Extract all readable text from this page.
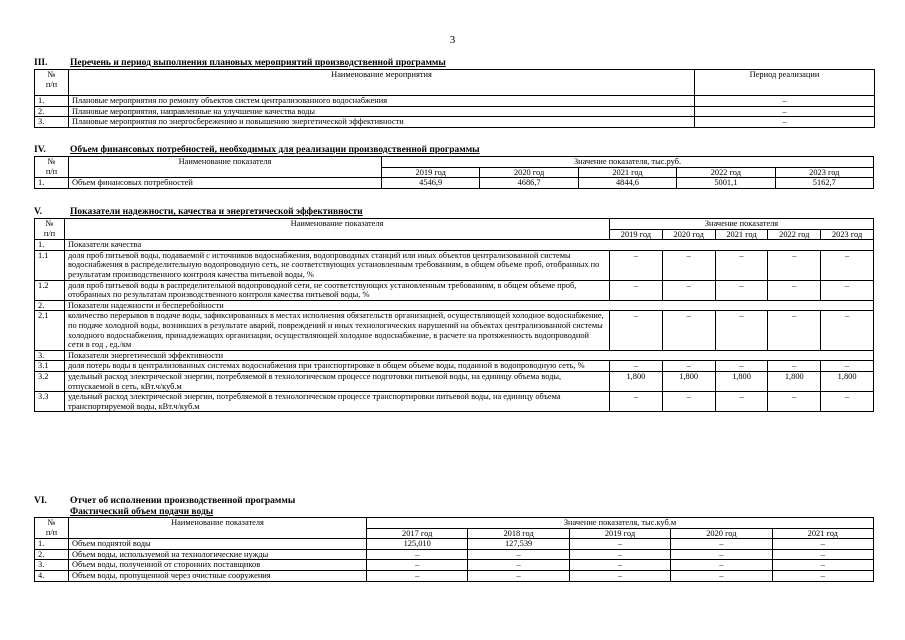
3
III.	Перечень и период выполнения плановых мероприятий производственной программы
№
п/п	Наименование мероприятия	Период реализации
1.	Плановые мероприятия по ремонту объектов систем централизованного водоснабжения	–
2.	Плановые мероприятия, направленные на улучшение качества воды	–
3.	Плановые мероприятия по энергосбережению и повышению энергетической эффективности	–
IV.	Объем финансовых потребностей, необходимых для реализации производственной программы
№
п/п	Наименование показателя	Значение показателя, тыс.руб.				
		2019 год	2020 год	2021 год	2022 год	2023 год
1.	Объем финансовых потребностей	4546,9	4686,7	4844,6	5001,1	5162,7
V.	Показатели надежности, качества и энергетической эффективности
№
п/п	Наименование показателя	Значение показателя				
		2019 год	2020 год	2021 год	2022 год	2023 год
1.	Показатели качества					
1.1	доля проб питьевой воды, подаваемой с источников водоснабжения, водопроводных станций или иных объектов централизованной системы водоснабжения в распределительную водопроводную сеть, не соответствующих установленным требованиям, в общем объеме проб, отобранных по результатам производственного контроля качества питьевой воды, %	–	–	–	–	–
1.2	доля проб питьевой воды в распределительной водопроводной сети, не соответствующих установленным требованиям, в общем объеме проб, отобранных по результатам производственного контроля качества питьевой воды, %	–	–	–	–	–
2.	Показатели надежности и бесперебойности					
2.1	количество перерывов в подаче воды, зафиксированных в местах исполнения обязательств организацией, осуществляющей холодное водоснабжение, по подаче холодной воды, возникших в результате аварий, повреждений и иных технологических нарушений на объектах централизованной системы холодного водоснабжения, принадлежащих организации, осуществляющей холодное водоснабжение, в расчете на протяженность водопроводной сети в год , ед./км	–	–	–	–	–
3.	Показатели энергетической эффективности					
3.1	доля потерь воды в централизованных системах водоснабжения при транспортировке в общем объеме воды, поданной в водопроводную сеть, %	–	–	–	–	–
3.2	удельный расход электрической энергии, потребляемой в технологическом процессе подготовки питьевой воды, на единицу объема воды, отпускаемой в сеть, кВт.ч/куб.м	1,800	1,800	1,800	1,800	1,800
3.3	удельный расход электрической энергии, потребляемой в технологическом процессе транспортировки питьевой воды, на единицу объема транспортируемой воды, кВт.ч/куб.м	–	–	–	–	–
VI.	Отчет об исполнении производственной программы
Фактический объем подачи воды
№
п/п	Наименование показателя	Значение показателя, тыс.куб.м				
		2017 год	2018 год	2019 год	2020 год	2021 год
1.	Объем поднятой воды	125,010	127,539	–	–	–
2.	Объем воды, используемой на технологические нужды	–	–	–	–	–
3.	Объем воды, полученной от сторонних поставщиков	–	–	–	–	–
4.	Объем воды, пропущенной через очистные сооружения	–	–	–	–	–
